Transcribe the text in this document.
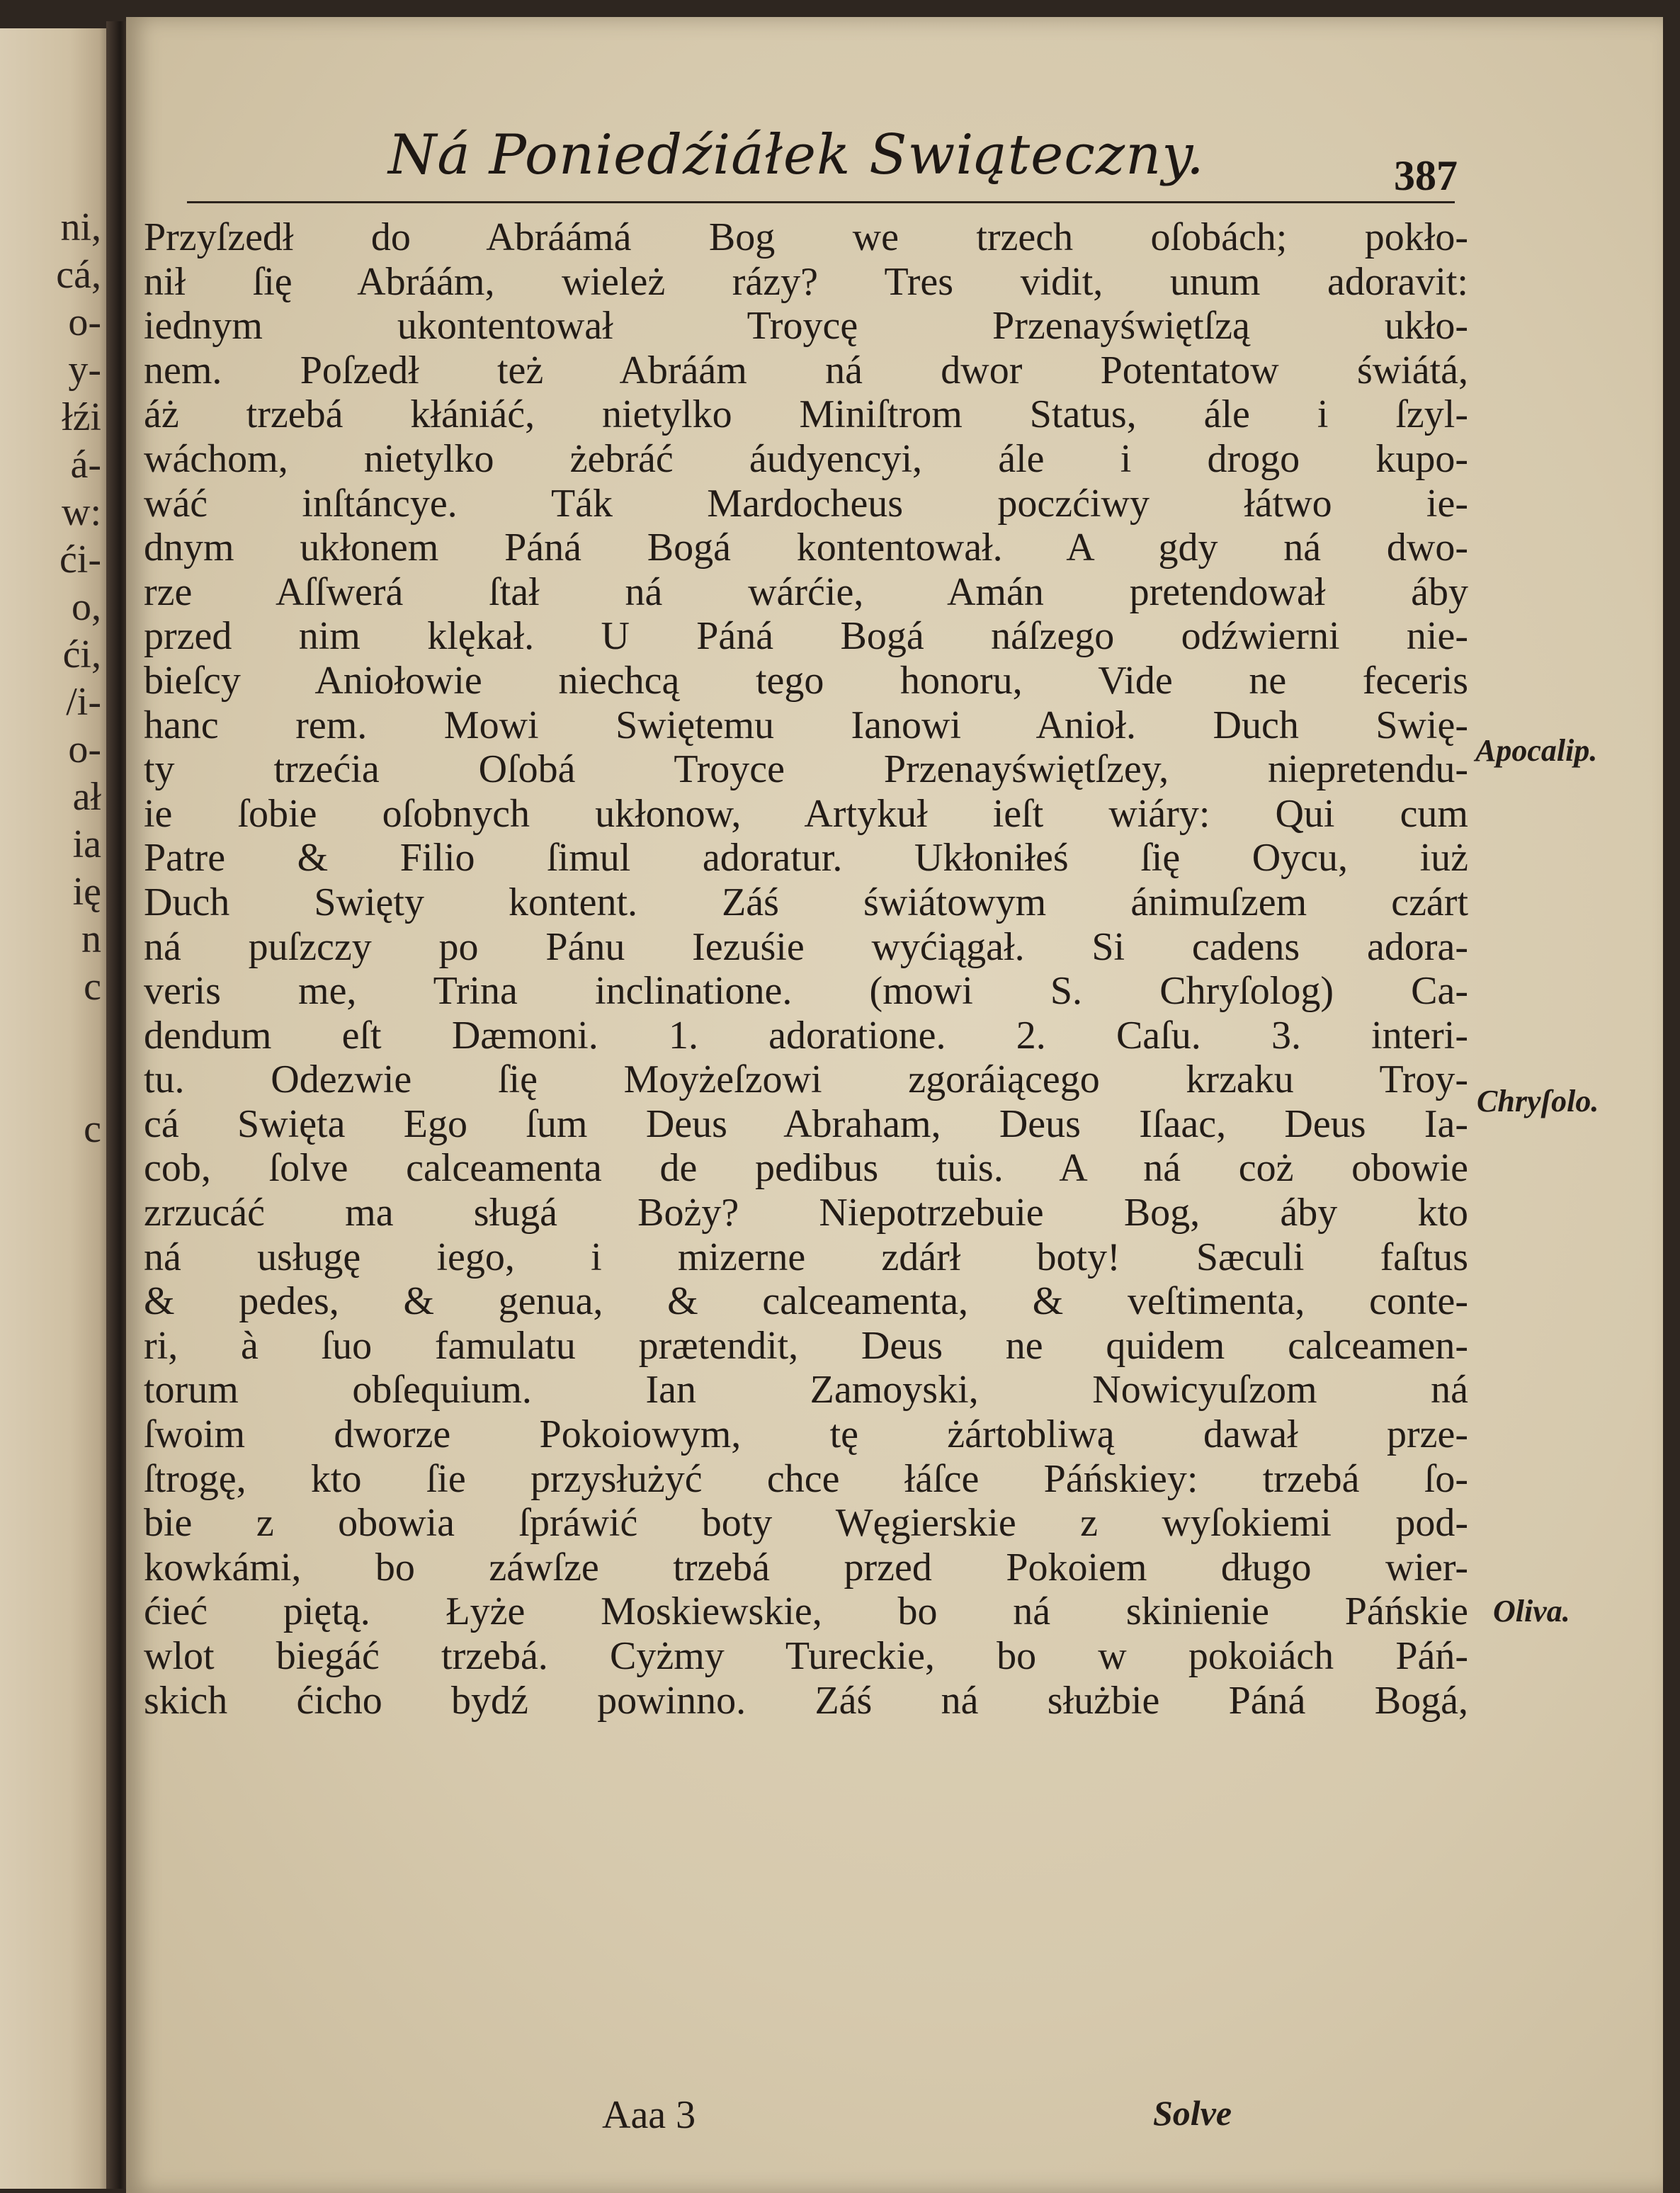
ni,
cá,
o-
y-
łźi
á-
w:
ći-
o,
ći,
/i-
o-
ał
ia
ię
n
c
c
Ná Poniedźiáłek Swiąteczny.	387
Przyſzedł do Abráámá Bog we trzech oſobách; pokło-
nił ſię Abráám, wieleż rázy? Tres vidit, unum adoravit:
iednym ukontentował Troycę Przenayświętſzą ukło-
nem. Poſzedł też Abráám ná dwor Potentatow świátá,
áż trzebá kłániáć, nietylko Miniſtrom Status, ále i ſzyl-
wáchom, nietylko żebráć áudyencyi, ále i drogo kupo-
wáć inſtáncye. Ták Mardocheus poczćiwy łátwo ie-
dnym ukłonem Páná Bogá kontentował. A gdy ná dwo-
rze Aſſwerá ſtał ná wárćie, Amán pretendował áby
przed nim klękał. U Páná Bogá náſzego odźwierni nie-
bieſcy Aniołowie niechcą tego honoru, Vide ne feceris
hanc rem. Mowi Swiętemu Ianowi Anioł. Duch Swię-
ty trzećia Oſobá Troyce Przenayświętſzey, niepretendu-
ie ſobie oſobnych ukłonow, Artykuł ieſt wiáry: Qui cum
Patre & Filio ſimul adoratur. Ukłoniłeś ſię Oycu, iuż
Duch Swięty kontent. Záś świátowym ánimuſzem czárt
ná puſzczy po Pánu Iezuśie wyćiągał. Si cadens adora-
veris me, Trina inclinatione. (mowi S. Chryſolog) Ca-
dendum eſt Dæmoni. 1. adoratione. 2. Caſu. 3. interi-
tu. Odezwie ſię Moyżeſzowi zgoráiącego krzaku Troy-
cá Swięta Ego ſum Deus Abraham, Deus Iſaac, Deus Ia-
cob, ſolve calceamenta de pedibus tuis. A ná coż obowie
zrzucáć ma sługá Boży? Niepotrzebuie Bog, áby kto
ná usługę iego, i mizerne zdárł boty! Sæculi faſtus
& pedes, & genua, & calceamenta, & veſtimenta, conte-
ri, à ſuo famulatu prætendit, Deus ne quidem calceamen-
torum obſequium. Ian Zamoyski, Nowicyuſzom ná
ſwoim dworze Pokoiowym, tę żártobliwą dawał prze-
ſtrogę, kto ſie przysłużyć chce łáſce Páńskiey: trzebá ſo-
bie z obowia ſpráwić boty Węgierskie z wyſokiemi pod-
kowkámi, bo záwſze trzebá przed Pokoiem długo wier-
ćieć piętą. Łyże Moskiewskie, bo ná skinienie Páńskie
wlot biegáć trzebá. Cyżmy Tureckie, bo w pokoiách Páń-
skich ćicho bydź powinno. Záś ná służbie Páná Bogá,
Apocalip.
Chryſolo.
Oliva.
Aaa 3	Solve
